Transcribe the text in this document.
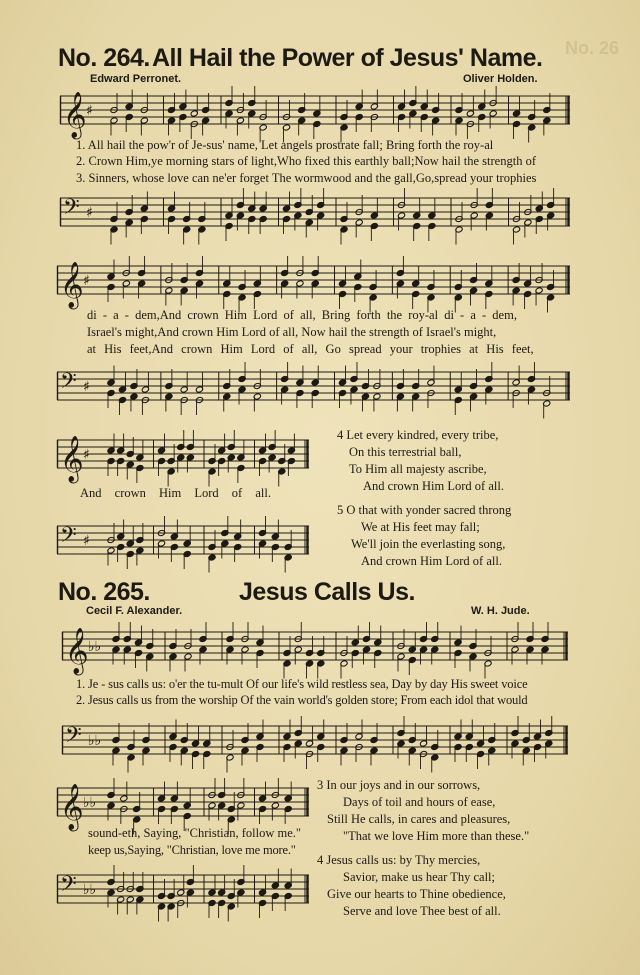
No. 26
No. 264. All Hail the Power of Jesus' Name.
Edward Perronet.	Oliver Holden.
𝄞 ♯
1. All hail the pow'r of Je-sus' name, Let angels prostrate fall; Bring forth the roy-al
2. Crown Him,ye morning stars of light,Who fixed this earthly ball;Now hail the strength of
3. Sinners, whose love can ne'er forget The wormwood and the gall,Go,spread your trophies
𝄢 ♯
𝄞 ♯
di - a - dem,And crown Him Lord of all, Bring forth the roy-al di - a - dem,
Israel's might,And crown Him Lord of all, Now hail the strength of Israel's might,
at His feet,And crown Him Lord of all, Go spread your trophies at His feet,
𝄢 ♯
𝄞 ♯
And crown Him Lord of all.
𝄢 ♯
4 Let every kindred, every tribe,
On this terrestrial ball,
To Him all majesty ascribe,
And crown Him Lord of all.
5 O that with yonder sacred throng
We at His feet may fall;
We'll join the everlasting song,
And crown Him Lord of all.
No. 265.	Jesus Calls Us.
Cecil F. Alexander.	W. H. Jude.
𝄞 ♭♭
1. Je - sus calls us: o'er the tu-mult Of our life's wild restless sea, Day by day His sweet voice
2. Jesus calls us from the worship Of the vain world's golden store; From each idol that would
𝄢 ♭♭
𝄞 ♭♭
sound-eth, Saying, "Christian, follow me."
keep us,Saying, "Christian, love me more."
𝄢 ♭♭
3 In our joys and in our sorrows,
Days of toil and hours of ease,
Still He calls, in cares and pleasures,
"That we love Him more than these."
4 Jesus calls us: by Thy mercies,
Savior, make us hear Thy call;
Give our hearts to Thine obedience,
Serve and love Thee best of all.
